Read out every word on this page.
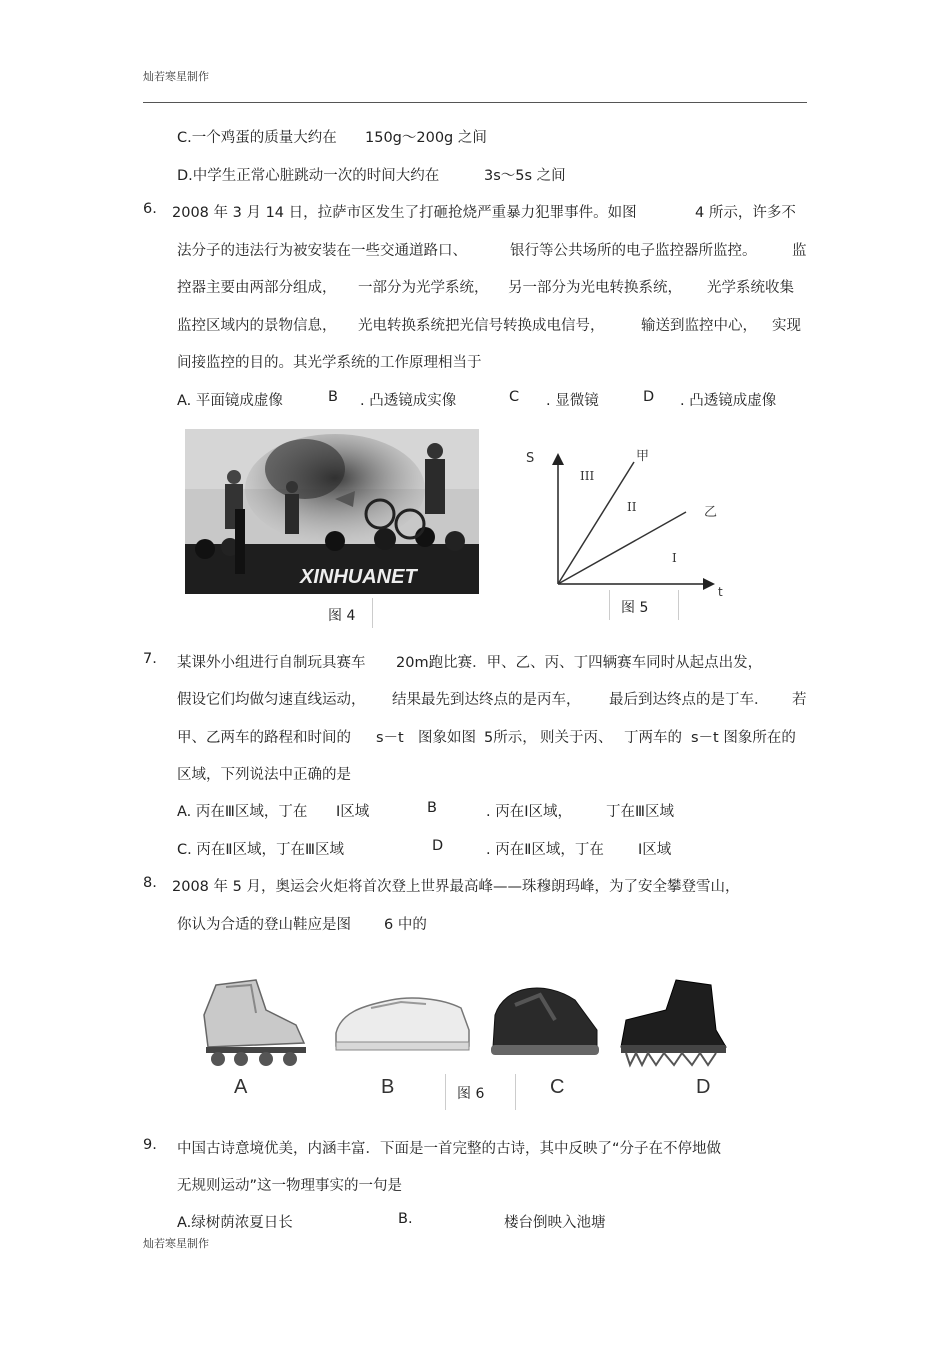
灿若寒星制作
C.一个鸡蛋的质量大约在 150g～200g 之间
D.中学生正常心脏跳动一次的时间大约在	3s～5s 之间
6. 2008 年 3 月 14 日，拉萨市区发生了打砸抢烧严重暴力犯罪事件。如图	4 所示，许多不
法分子的违法行为被安装在一些交通道路口、	银行等公共场所的电子监控器所监控。 监
控器主要由两部分组成， 一部分为光学系统， 另一部分为光电转换系统， 光学系统收集
监控区域内的景物信息， 光电转换系统把光信号转换成电信号，	输送到监控中心， 实现
间接监控的目的。其光学系统的工作原理相当于
A. 平面镜成虚像	B . 凸透镜成实像	C . 显微镜	D . 凸透镜成虚像
XINHUANET
图 4
S
t
甲
乙
III
II
I
图 5
7. 某课外小组进行自制玩具赛车 20m跑比赛．甲、乙、丙、丁四辆赛车同时从起点出发，
假设它们均做匀速直线运动， 结果最先到达终点的是丙车， 最后到达终点的是丁车． 若
甲、乙两车的路程和时间的 s－t 图象如图 5所示， 则关于丙、 丁两车的 s－t 图象所在的
区域，下列说法中正确的是
A. 丙在Ⅲ区域，丁在 Ⅰ区域	B	. 丙在Ⅰ区域， 丁在Ⅲ区域
C. 丙在Ⅱ区域，丁在Ⅲ区域	D	. 丙在Ⅱ区域，丁在 Ⅰ区域
8. 2008 年 5 月，奥运会火炬将首次登上世界最高峰——珠穆朗玛峰，为了安全攀登雪山，
你认为合适的登山鞋应是图 6 中的
A	B	C	D
图 6
9. 中国古诗意境优美，内涵丰富．下面是一首完整的古诗，其中反映了“分子在不停地做
无规则运动”这一物理事实的一句是
A.绿树荫浓夏日长	B.	楼台倒映入池塘
灿若寒星制作
